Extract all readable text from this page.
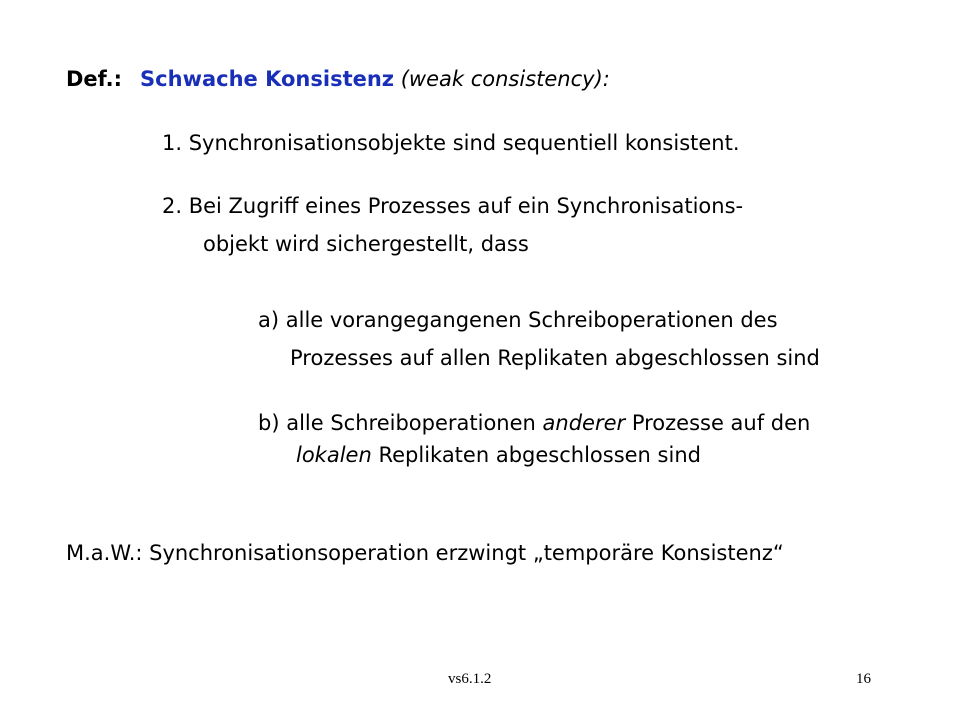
Def.: Schwache Konsistenz (weak consistency):
1. Synchronisationsobjekte sind sequentiell konsistent.
2. Bei Zugriff eines Prozesses auf ein Synchronisations-
objekt wird sichergestellt, dass
a) alle vorangegangenen Schreiboperationen des
Prozesses auf allen Replikaten abgeschlossen sind
b) alle Schreiboperationen anderer Prozesse auf den
lokalen Replikaten abgeschlossen sind
M.a.W.: Synchronisationsoperation erzwingt „temporäre Konsistenz“
vs6.1.2	16
